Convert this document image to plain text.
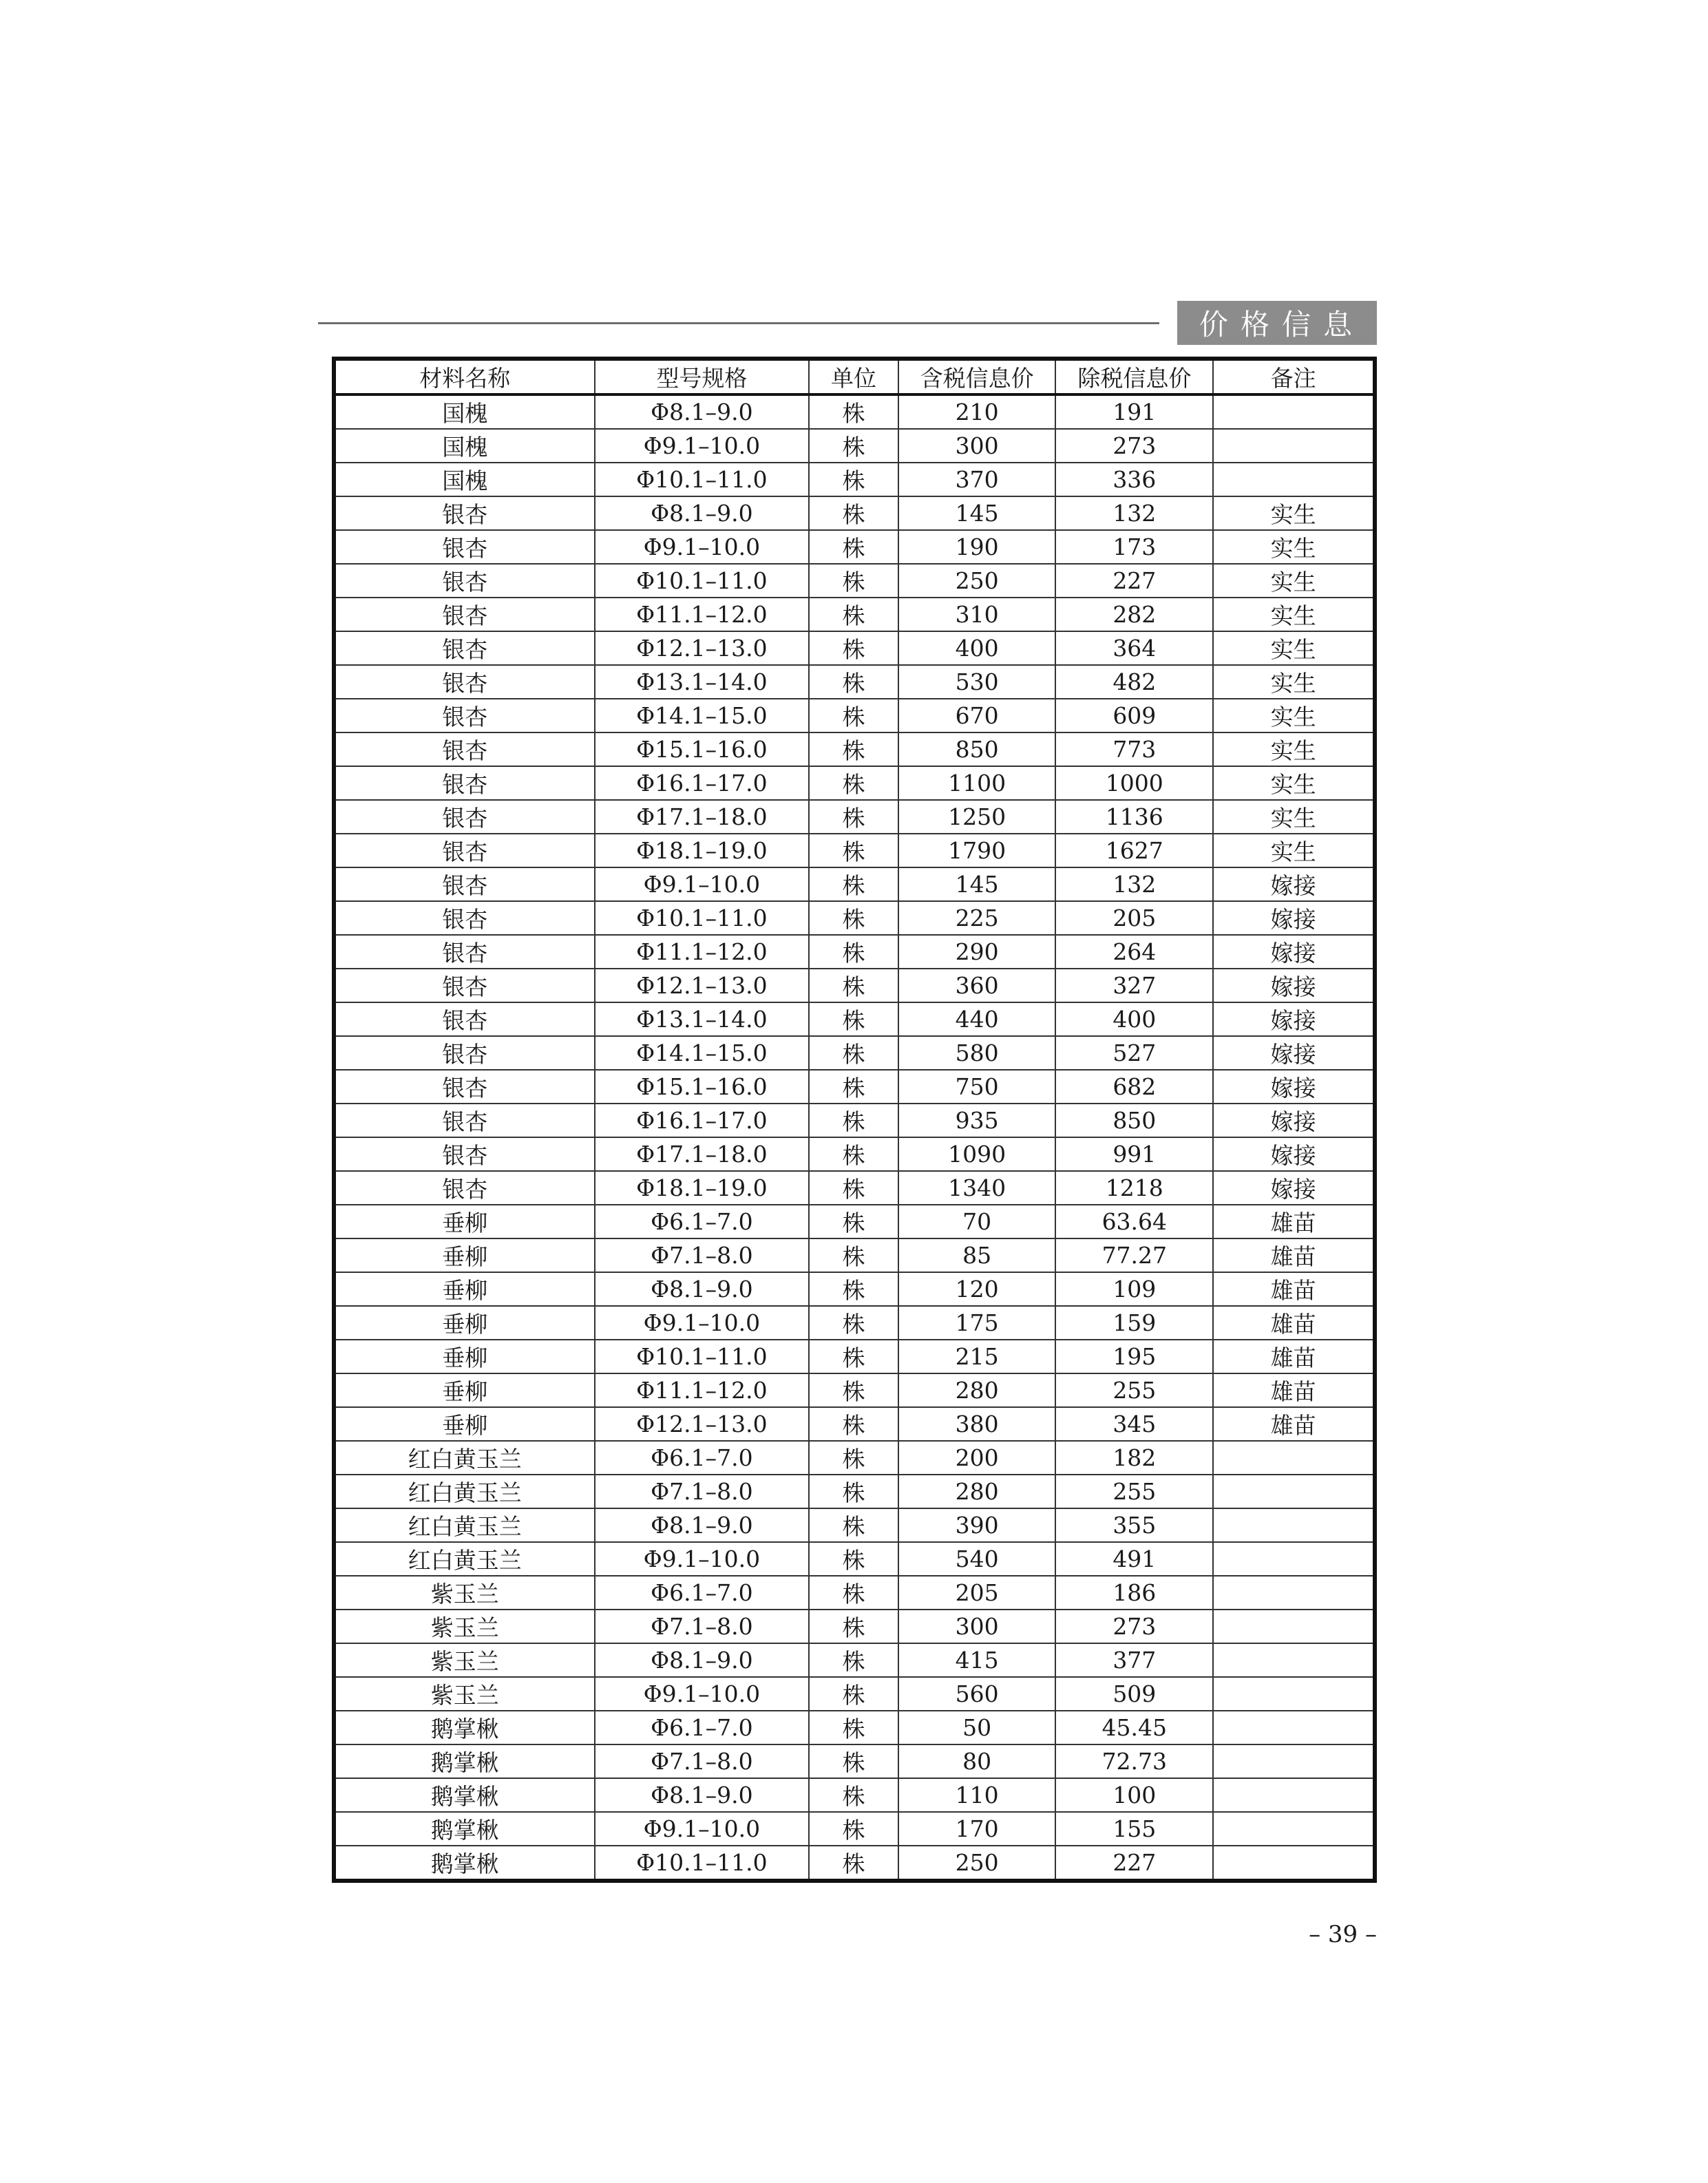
价格信息
材料名称	型号规格	单位	含税信息价	除税信息价	备注
国槐	Φ8.1–9.0	株	210	191	
国槐	Φ9.1–10.0	株	300	273	
国槐	Φ10.1–11.0	株	370	336	
银杏	Φ8.1–9.0	株	145	132	实生
银杏	Φ9.1–10.0	株	190	173	实生
银杏	Φ10.1–11.0	株	250	227	实生
银杏	Φ11.1–12.0	株	310	282	实生
银杏	Φ12.1–13.0	株	400	364	实生
银杏	Φ13.1–14.0	株	530	482	实生
银杏	Φ14.1–15.0	株	670	609	实生
银杏	Φ15.1–16.0	株	850	773	实生
银杏	Φ16.1–17.0	株	1100	1000	实生
银杏	Φ17.1–18.0	株	1250	1136	实生
银杏	Φ18.1–19.0	株	1790	1627	实生
银杏	Φ9.1–10.0	株	145	132	嫁接
银杏	Φ10.1–11.0	株	225	205	嫁接
银杏	Φ11.1–12.0	株	290	264	嫁接
银杏	Φ12.1–13.0	株	360	327	嫁接
银杏	Φ13.1–14.0	株	440	400	嫁接
银杏	Φ14.1–15.0	株	580	527	嫁接
银杏	Φ15.1–16.0	株	750	682	嫁接
银杏	Φ16.1–17.0	株	935	850	嫁接
银杏	Φ17.1–18.0	株	1090	991	嫁接
银杏	Φ18.1–19.0	株	1340	1218	嫁接
垂柳	Φ6.1–7.0	株	70	63.64	雄苗
垂柳	Φ7.1–8.0	株	85	77.27	雄苗
垂柳	Φ8.1–9.0	株	120	109	雄苗
垂柳	Φ9.1–10.0	株	175	159	雄苗
垂柳	Φ10.1–11.0	株	215	195	雄苗
垂柳	Φ11.1–12.0	株	280	255	雄苗
垂柳	Φ12.1–13.0	株	380	345	雄苗
红白黄玉兰	Φ6.1–7.0	株	200	182	
红白黄玉兰	Φ7.1–8.0	株	280	255	
红白黄玉兰	Φ8.1–9.0	株	390	355	
红白黄玉兰	Φ9.1–10.0	株	540	491	
紫玉兰	Φ6.1–7.0	株	205	186	
紫玉兰	Φ7.1–8.0	株	300	273	
紫玉兰	Φ8.1–9.0	株	415	377	
紫玉兰	Φ9.1–10.0	株	560	509	
鹅掌楸	Φ6.1–7.0	株	50	45.45	
鹅掌楸	Φ7.1–8.0	株	80	72.73	
鹅掌楸	Φ8.1–9.0	株	110	100	
鹅掌楸	Φ9.1–10.0	株	170	155	
鹅掌楸	Φ10.1–11.0	株	250	227	
– 39 –
